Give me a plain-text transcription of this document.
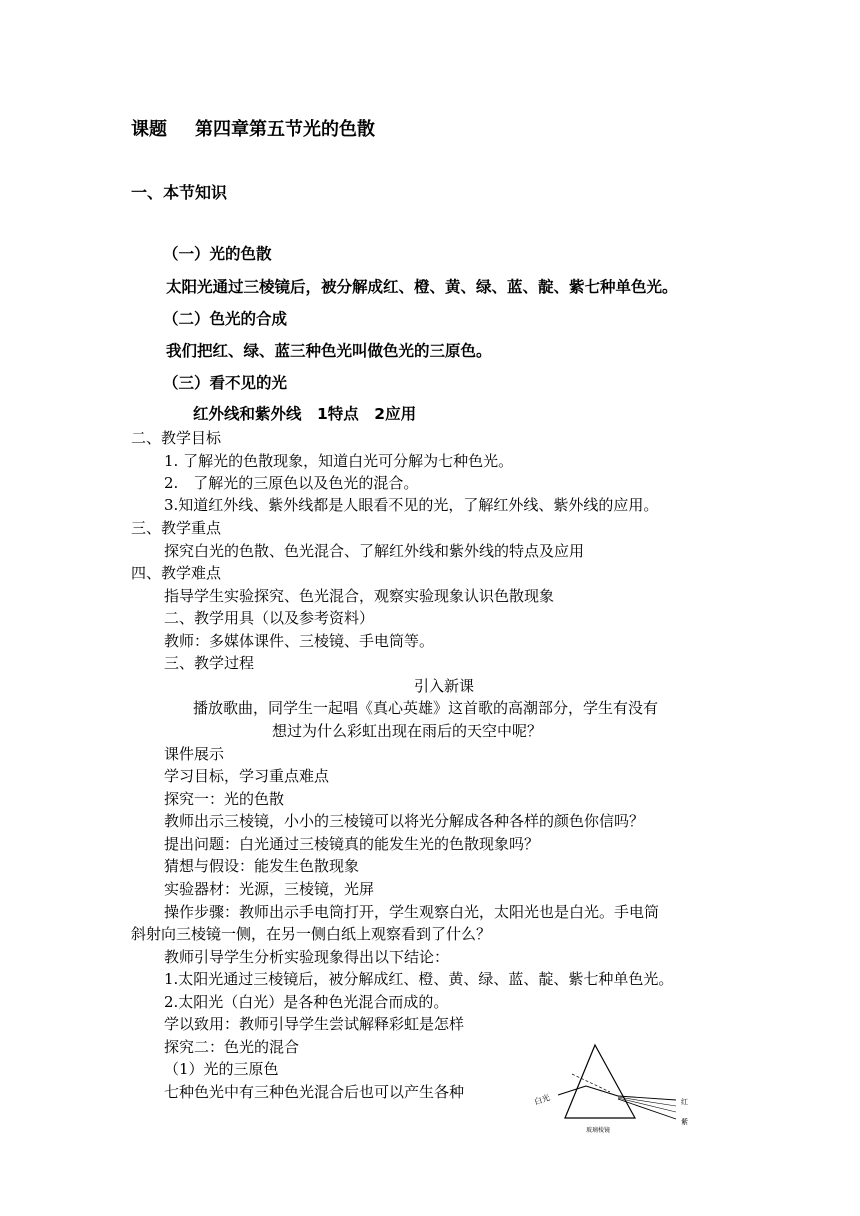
课题 第四章第五节光的色散
一、本节知识
（一）光的色散
太阳光通过三棱镜后，被分解成红、橙、黄、绿、蓝、靛、紫七种单色光。
（二）色光的合成
我们把红、绿、蓝三种色光叫做色光的三原色。
（三）看不见的光
红外线和紫外线　1特点　2应用
二、教学目标
1. 了解光的色散现象，知道白光可分解为七种色光。
2.　了解光的三原色以及色光的混合。
3.知道红外线、紫外线都是人眼看不见的光，了解红外线、紫外线的应用。
三、教学重点
探究白光的色散、色光混合、了解红外线和紫外线的特点及应用
四、教学难点
指导学生实验探究、色光混合，观察实验现象认识色散现象
二、教学用具（以及参考资料）
教师：多媒体课件、三棱镜、手电筒等。
三、教学过程
引入新课
播放歌曲，同学生一起唱《真心英雄》这首歌的高潮部分，学生有没有
想过为什么彩虹出现在雨后的天空中呢？
课件展示
学习目标，学习重点难点
探究一：光的色散
教师出示三棱镜，小小的三棱镜可以将光分解成各种各样的颜色你信吗？
提出问题：白光通过三棱镜真的能发生光的色散现象吗？
猜想与假设：能发生色散现象
实验器材：光源，三棱镜，光屏
操作步骤：教师出示手电筒打开，学生观察白光，太阳光也是白光。手电筒
斜射向三棱镜一侧，在另一侧白纸上观察看到了什么？
教师引导学生分析实验现象得出以下结论：
1.太阳光通过三棱镜后，被分解成红、橙、黄、绿、蓝、靛、紫七种单色光。
2.太阳光（白光）是各种色光混合而成的。
学以致用：教师引导学生尝试解释彩虹是怎样
探究二：色光的混合
（1）光的三原色
七种色光中有三种色光混合后也可以产生各种	白光	红
紫
玻璃棱镜
